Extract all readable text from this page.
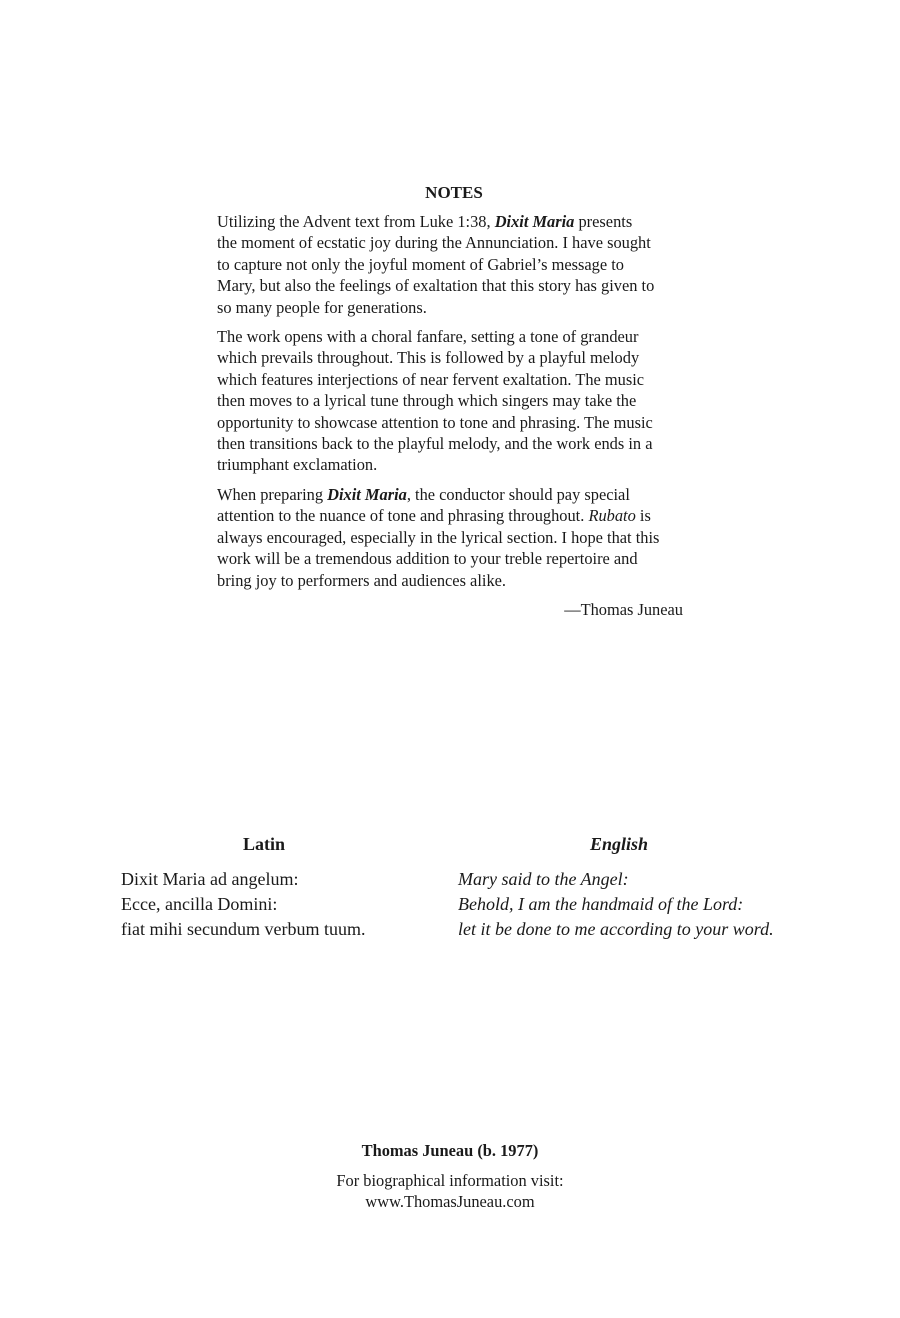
NOTES

Utilizing the Advent text from Luke 1:38, Dixit Maria presents
the moment of ecstatic joy during the Annunciation. I have sought
to capture not only the joyful moment of Gabriel’s message to
Mary, but also the feelings of exaltation that this story has given to
so many people for generations.

The work opens with a choral fanfare, setting a tone of grandeur
which prevails throughout. This is followed by a playful melody
which features interjections of near fervent exaltation. The music
then moves to a lyrical tune through which singers may take the
opportunity to showcase attention to tone and phrasing. The music
then transitions back to the playful melody, and the work ends in a
triumphant exclamation.

When preparing Dixit Maria, the conductor should pay special
attention to the nuance of tone and phrasing throughout. Rubato is
always encouraged, especially in the lyrical section. I hope that this
work will be a tremendous addition to your treble repertoire and
bring joy to performers and audiences alike.

—Thomas Juneau
Latin
Dixit Maria ad angelum:
Ecce, ancilla Domini:
fiat mihi secundum verbum tuum.
English
Mary said to the Angel:
Behold, I am the handmaid of the Lord:
let it be done to me according to your word.
Thomas Juneau (b. 1977)
For biographical information visit:
www.ThomasJuneau.com
